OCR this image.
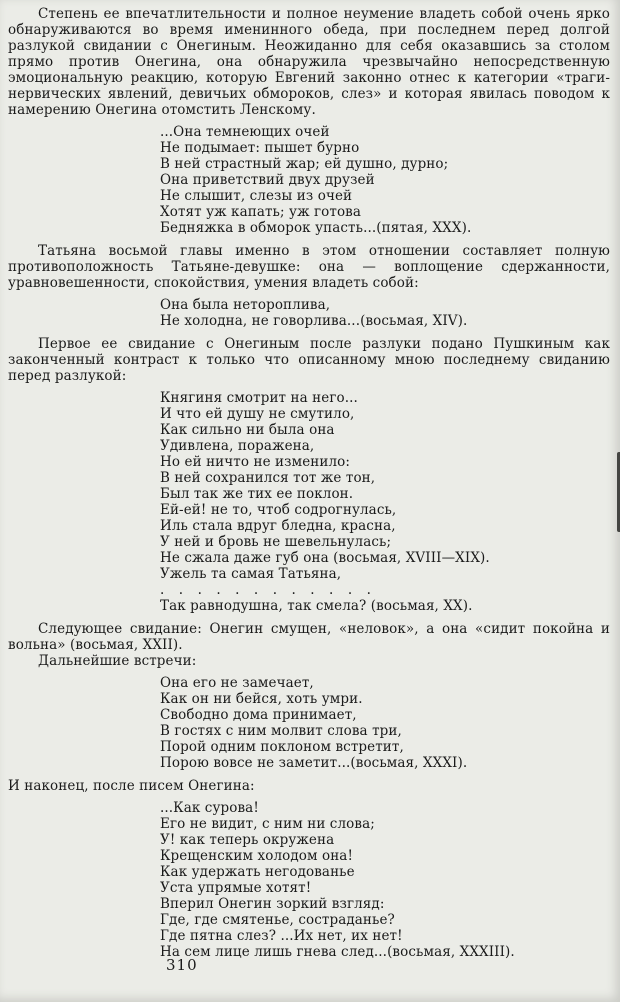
Степень ее впечатлительности и полное неумение владеть собой очень ярко обнаруживаются во время именинного обеда, при последнем перед долгой разлукой свидании с Онегиным. Неожиданно для себя оказавшись за столом прямо против Онегина, она обнаружила чрезвычайно непосредственную эмоциональную реакцию, которую Евгений законно отнес к категории «траги-нервических явлений, девичьих обмороков, слез» и которая явилась поводом к намерению Онегина отомстить Ленскому.

...Она темнеющих очей
Не подымает: пышет бурно
В ней страстный жар; ей душно, дурно;
Она приветствий двух друзей
Не слышит, слезы из очей
Хотят уж капать; уж готова
Бедняжка в обморок упасть...(пятая, XXX).

Татьяна восьмой главы именно в этом отношении составляет полную противоположность Татьяне-девушке: она — воплощение сдержанности, уравновешенности, спокойствия, умения владеть собой:

Она была нетороплива,
Не холодна, не говорлива...(восьмая, XIV).

Первое ее свидание с Онегиным после разлуки подано Пушкиным как законченный контраст к только что описанному мною последнему свиданию перед разлукой:

Княгиня смотрит на него...
И что ей душу не смутило,
Как сильно ни была она
Удивлена, поражена,
Но ей ничто не изменило:
В ней сохранился тот же тон,
Был так же тих ее поклон.
Ей-ей! не то, чтоб содрогнулась,
Иль стала вдруг бледна, красна,
У ней и бровь не шевельнулась;
Не сжала даже губ она (восьмая, XVIII—XIX).
Ужель та самая Татьяна,
. . . . . . . . . . . .
Так равнодушна, так смела? (восьмая, XX).

Следующее свидание: Онегин смущен, «неловок», а она «сидит покойна и вольна» (восьмая, XXII).

Дальнейшие встречи:

Она его не замечает,
Как он ни бейся, хоть умри.
Свободно дома принимает,
В гостях с ним молвит слова три,
Порой одним поклоном встретит,
Порою вовсе не заметит...(восьмая, XXXI).

И наконец, после писем Онегина:

...Как сурова!
Его не видит, с ним ни слова;
У! как теперь окружена
Крещенским холодом она!
Как удержать негодованье
Уста упрямые хотят!
Вперил Онегин зоркий взгляд:
Где, где смятенье, состраданье?
Где пятна слез? ...Их нет, их нет!
На сем лице лишь гнева след...(восьмая, XXXIII).
310
